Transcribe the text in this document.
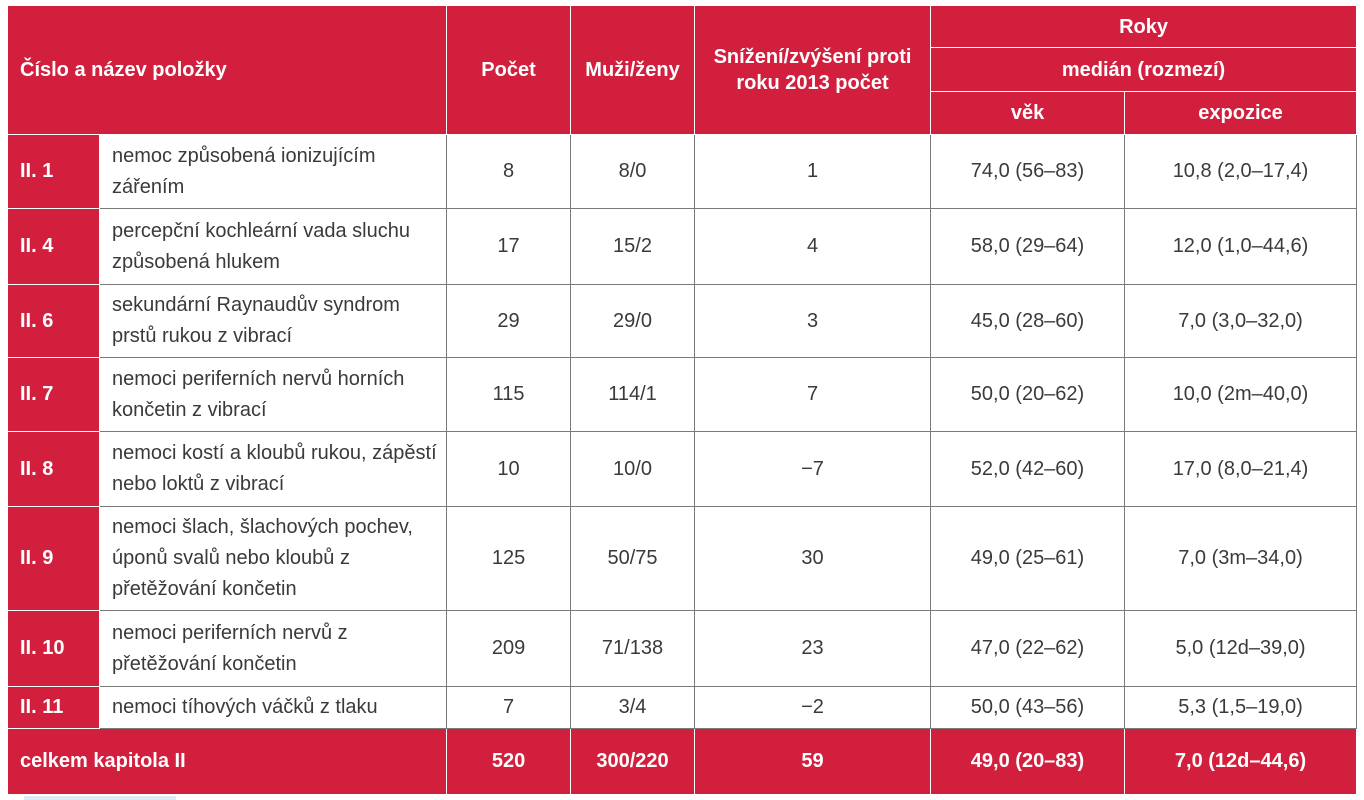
Číslo a název položky		Počet	Muži/ženy	Snížení/zvýšení proti roku 2013 počet	Roky	
					medián (rozmezí)	
					věk	expozice
II. 1	nemoc způsobená ionizujícím zářením	8	8/0	1	74,0 (56–83)	10,8 (2,0–17,4)
II. 4	percepční kochleární vada sluchu způsobená hlukem	17	15/2	4	58,0 (29–64)	12,0 (1,0–44,6)
II. 6	sekundární Raynaudův syndrom prstů rukou z vibrací	29	29/0	3	45,0 (28–60)	7,0 (3,0–32,0)
II. 7	nemoci periferních nervů horních končetin z vibrací	115	114/1	7	50,0 (20–62)	10,0 (2m–40,0)
II. 8	nemoci kostí a kloubů rukou, zápěstí nebo loktů z vibrací	10	10/0	−7	52,0 (42–60)	17,0 (8,0–21,4)
II. 9	nemoci šlach, šlachových pochev, úponů svalů nebo kloubů z přetěžování končetin	125	50/75	30	49,0 (25–61)	7,0 (3m–34,0)
II. 10	nemoci periferních nervů z přetěžování končetin	209	71/138	23	47,0 (22–62)	5,0 (12d–39,0)
II. 11	nemoci tíhových váčků z tlaku	7	3/4	−2	50,0 (43–56)	5,3 (1,5–19,0)
celkem kapitola II		520	300/220	59	49,0 (20–83)	7,0 (12d–44,6)
